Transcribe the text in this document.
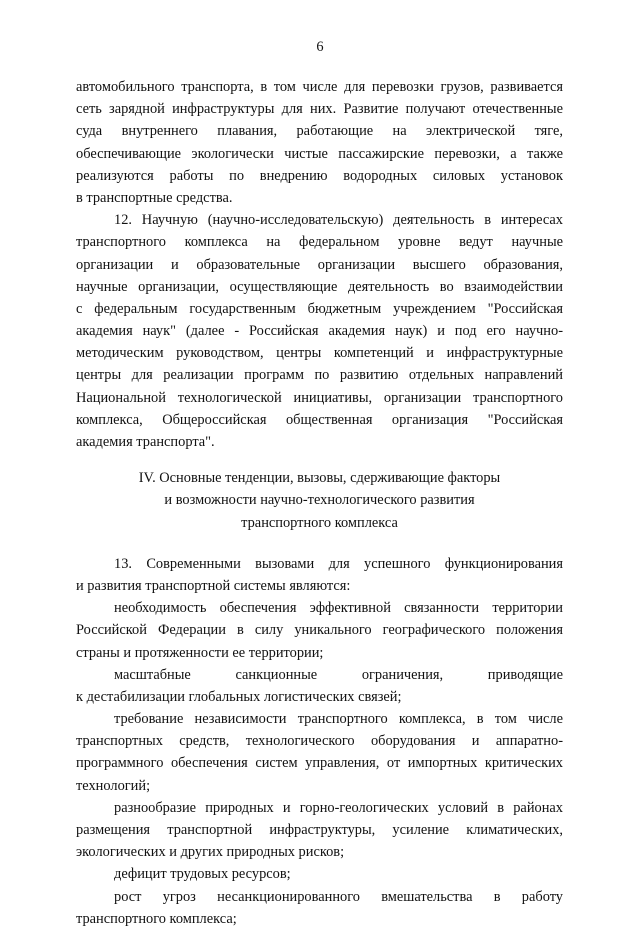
6
автомобильного транспорта, в том числе для перевозки грузов, развивается
сеть зарядной инфраструктуры для них. Развитие получают отечественные
суда внутреннего плавания, работающие на электрической тяге,
обеспечивающие экологически чистые пассажирские перевозки, а также
реализуются работы по внедрению водородных силовых установок
в транспортные средства.
12. Научную (научно-исследовательскую) деятельность в интересах
транспортного комплекса на федеральном уровне ведут научные
организации и образовательные организации высшего образования,
научные организации, осуществляющие деятельность во взаимодействии
с федеральным государственным бюджетным учреждением "Российская
академия наук" (далее - Российская академия наук) и под его научно-
методическим руководством, центры компетенций и инфраструктурные
центры для реализации программ по развитию отдельных направлений
Национальной технологической инициативы, организации транспортного
комплекса, Общероссийская общественная организация "Российская
академия транспорта".
IV. Основные тенденции, вызовы, сдерживающие факторы
и возможности научно-технологического развития
транспортного комплекса
13. Современными вызовами для успешного функционирования
и развития транспортной системы являются:
необходимость обеспечения эффективной связанности территории
Российской Федерации в силу уникального географического положения
страны и протяженности ее территории;
масштабные санкционные ограничения, приводящие
к дестабилизации глобальных логистических связей;
требование независимости транспортного комплекса, в том числе
транспортных средств, технологического оборудования и аппаратно-
программного обеспечения систем управления, от импортных критических
технологий;
разнообразие природных и горно-геологических условий в районах
размещения транспортной инфраструктуры, усиление климатических,
экологических и других природных рисков;
дефицит трудовых ресурсов;
рост угроз несанкционированного вмешательства в работу
транспортного комплекса;
